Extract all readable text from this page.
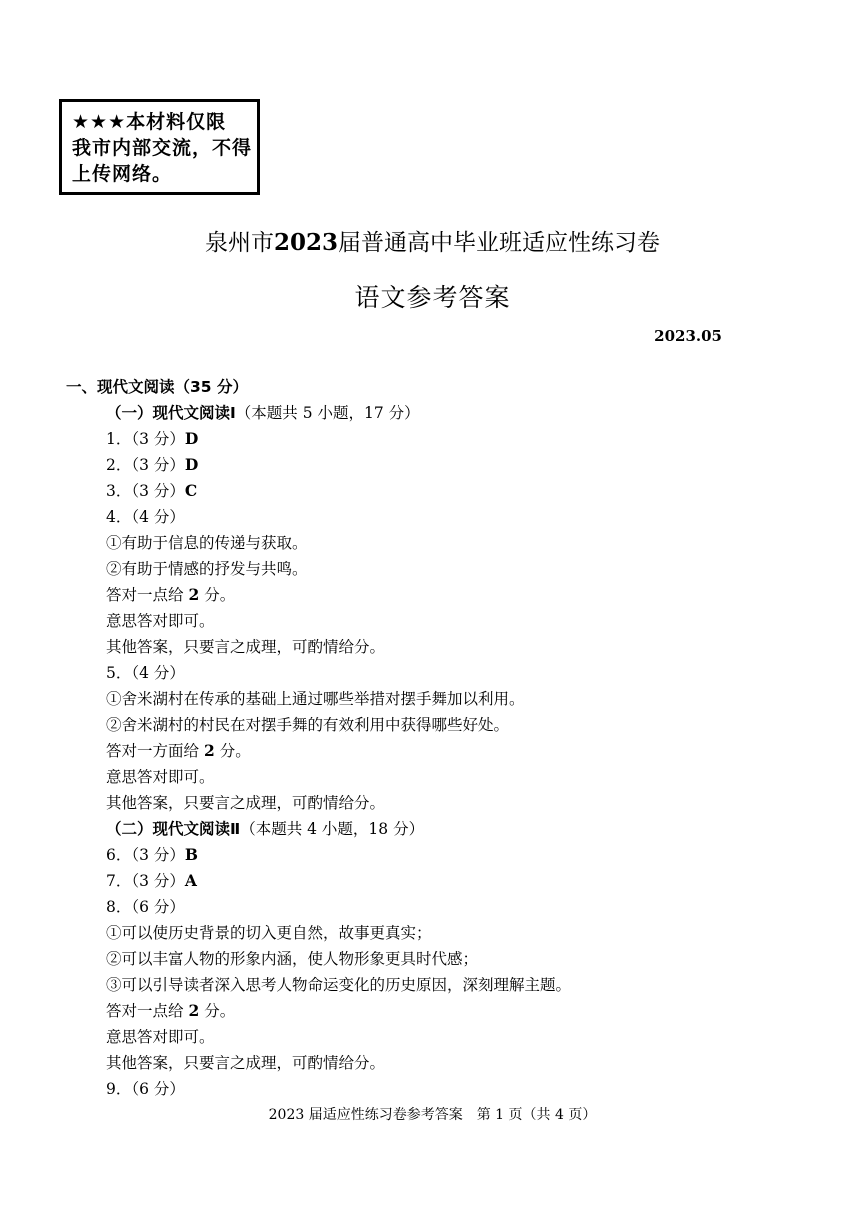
★★★本材料仅限
我市内部交流，不得
上传网络。
泉州市2023届普通高中毕业班适应性练习卷
语文参考答案
2023.05
一、现代文阅读（35 分）
（一）现代文阅读Ⅰ（本题共 5 小题，17 分）
1．（3 分）D
2．（3 分）D
3．（3 分）C
4．（4 分）
①有助于信息的传递与获取。
②有助于情感的抒发与共鸣。
答对一点给 2 分。
意思答对即可。
其他答案，只要言之成理，可酌情给分。
5．（4 分）
①舍米湖村在传承的基础上通过哪些举措对摆手舞加以利用。
②舍米湖村的村民在对摆手舞的有效利用中获得哪些好处。
答对一方面给 2 分。
意思答对即可。
其他答案，只要言之成理，可酌情给分。
（二）现代文阅读Ⅱ（本题共 4 小题，18 分）
6．（3 分）B
7．（3 分）A
8．（6 分）
①可以使历史背景的切入更自然，故事更真实；
②可以丰富人物的形象内涵，使人物形象更具时代感；
③可以引导读者深入思考人物命运变化的历史原因，深刻理解主题。
答对一点给 2 分。
意思答对即可。
其他答案，只要言之成理，可酌情给分。
9．（6 分）
2023 届适应性练习卷参考答案　第 1 页（共 4 页）
